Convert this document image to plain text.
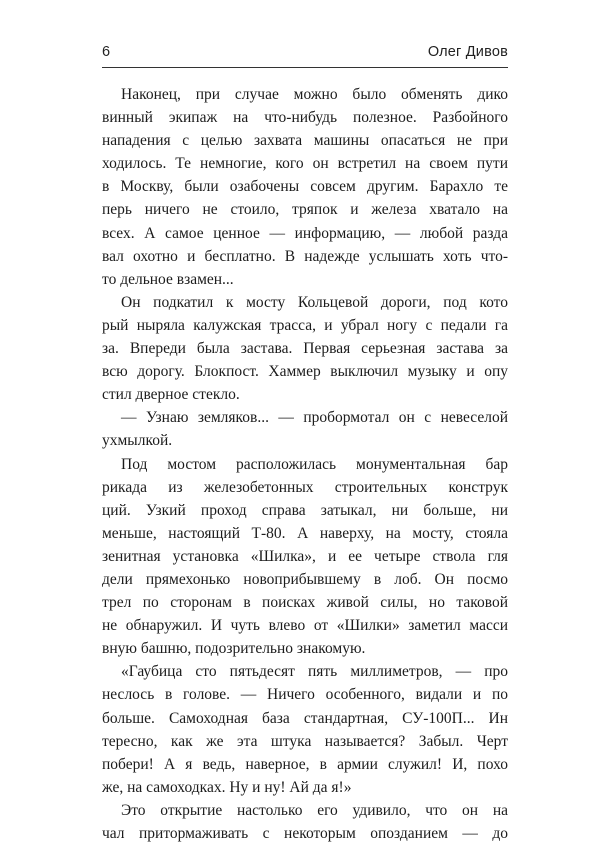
6	Олег Дивов
Наконец, при случае можно было обменять дико
винный экипаж на что-нибудь полезное. Разбойного
нападения с целью захвата машины опасаться не при
ходилось. Те немногие, кого он встретил на своем пути
в Москву, были озабочены совсем другим. Барахло те
перь ничего не стоило, тряпок и железа хватало на
всех. А самое ценное — информацию, — любой разда
вал охотно и бесплатно. В надежде услышать хоть что-
то дельное взамен...
Он подкатил к мосту Кольцевой дороги, под кото
рый ныряла калужская трасса, и убрал ногу с педали га
за. Впереди была застава. Первая серьезная застава за
всю дорогу. Блокпост. Хаммер выключил музыку и опу
стил дверное стекло.
— Узнаю земляков... — пробормотал он с невеселой
ухмылкой.
Под мостом расположилась монументальная бар
рикада из железобетонных строительных конструк
ций. Узкий проход справа затыкал, ни больше, ни
меньше, настоящий Т-80. А наверху, на мосту, стояла
зенитная установка «Шилка», и ее четыре ствола гля
дели прямехонько новоприбывшему в лоб. Он посмо
трел по сторонам в поисках живой силы, но таковой
не обнаружил. И чуть влево от «Шилки» заметил масси
вную башню, подозрительно знакомую.
«Гаубица сто пятьдесят пять миллиметров, — про
неслось в голове. — Ничего особенного, видали и по
больше. Самоходная база стандартная, СУ-100П... Ин
тересно, как же эта штука называется? Забыл. Черт
побери! А я ведь, наверное, в армии служил! И, похо
же, на самоходках. Ну и ну! Ай да я!»
Это открытие настолько его удивило, что он на
чал притормаживать с некоторым опозданием — до
